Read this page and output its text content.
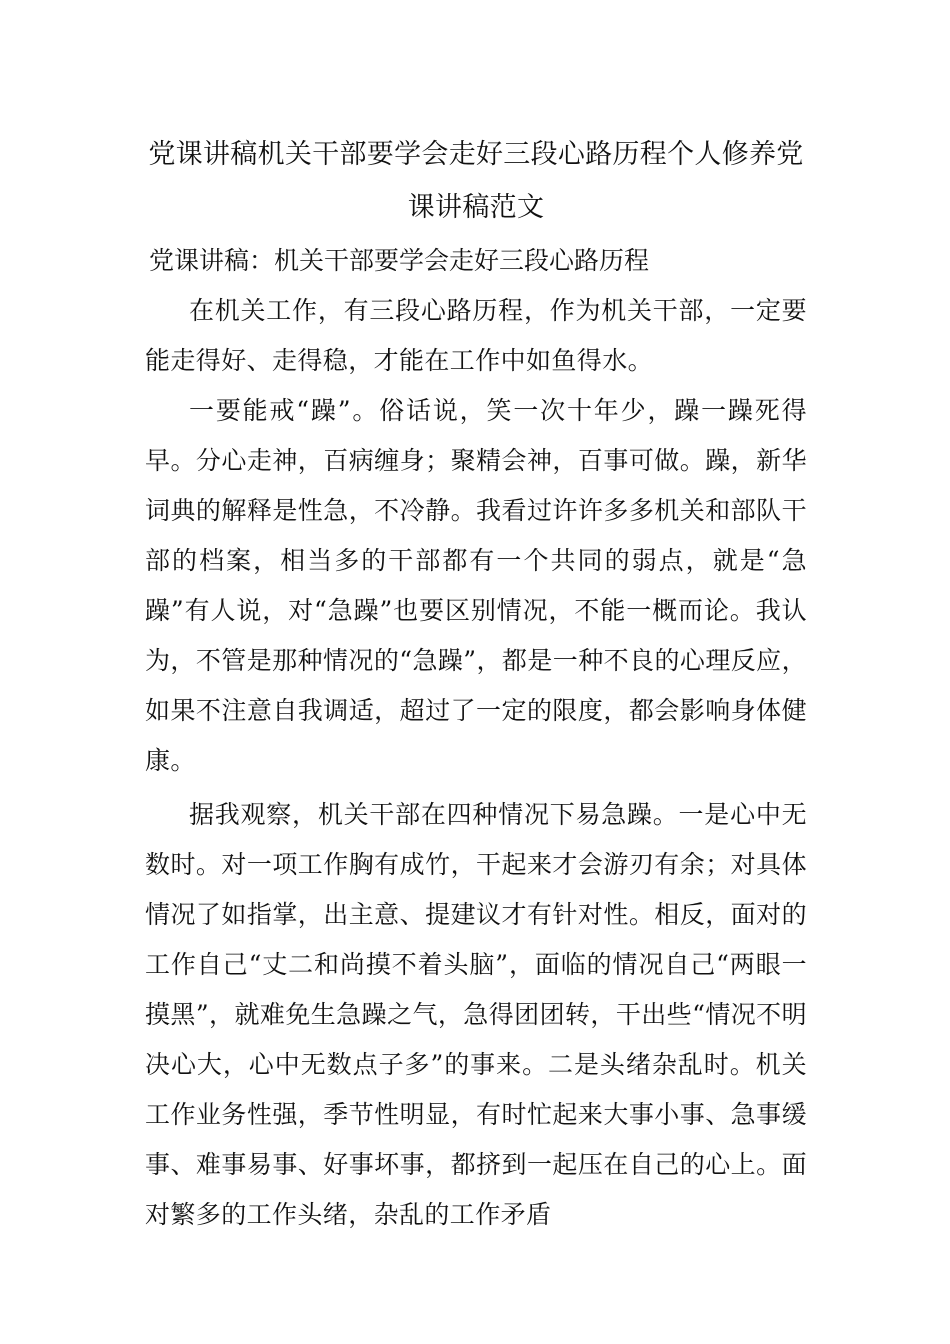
党课讲稿机关干部要学会走好三段心路历程个人修养党课讲稿范文
党课讲稿：机关干部要学会走好三段心路历程

在机关工作，有三段心路历程，作为机关干部，一定要能走得好、走得稳，才能在工作中如鱼得水。

一要能戒“躁”。俗话说，笑一次十年少，躁一躁死得早。分心走神，百病缠身；聚精会神，百事可做。躁，新华词典的解释是性急，不冷静。我看过许许多多机关和部队干部的档案，相当多的干部都有一个共同的弱点，就是“急躁”有人说，对“急躁”也要区别情况，不能一概而论。我认为，不管是那种情况的“急躁”，都是一种不良的心理反应，如果不注意自我调适，超过了一定的限度，都会影响身体健康。

据我观察，机关干部在四种情况下易急躁。一是心中无数时。对一项工作胸有成竹，干起来才会游刃有余；对具体情况了如指掌，出主意、提建议才有针对性。相反，面对的工作自己“丈二和尚摸不着头脑”，面临的情况自己“两眼一摸黑”，就难免生急躁之气，急得团团转，干出些“情况不明决心大，心中无数点子多”的事来。二是头绪杂乱时。机关工作业务性强，季节性明显，有时忙起来大事小事、急事缓事、难事易事、好事坏事，都挤到一起压在自己的心上。面对繁多的工作头绪，杂乱的工作矛盾
